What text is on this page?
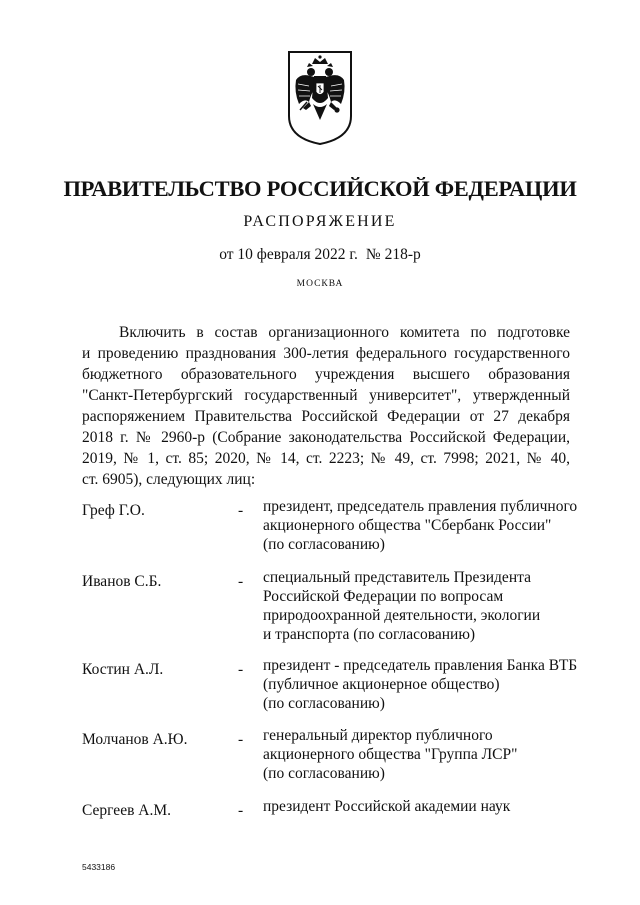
ПРАВИТЕЛЬСТВО РОССИЙСКОЙ ФЕДЕРАЦИИ
РАСПОРЯЖЕНИЕ
от 10 февраля 2022 г. № 218-р
МОСКВА
Включить в состав организационного комитета по подготовке
и проведению празднования 300-летия федерального государственного
бюджетного образовательного учреждения высшего образования
"Санкт-Петербургский государственный университет", утвержденный
распоряжением Правительства Российской Федерации от 27 декабря
2018 г. № 2960-р (Собрание законодательства Российской Федерации,
2019, № 1, ст. 85; 2020, № 14, ст. 2223; № 49, ст. 7998; 2021, № 40,
ст. 6905), следующих лиц:
Греф Г.О.	- президент, председатель правления публичного
акционерного общества "Сбербанк России"
(по согласованию)
Иванов С.Б.	- специальный представитель Президента
Российской Федерации по вопросам
природоохранной деятельности, экологии
и транспорта (по согласованию)
Костин А.Л.	- президент - председатель правления Банка ВТБ
(публичное акционерное общество)
(по согласованию)
Молчанов А.Ю.	- генеральный директор публичного
акционерного общества "Группа ЛСР"
(по согласованию)
Сергеев А.М.	- президент Российской академии наук
5433186
